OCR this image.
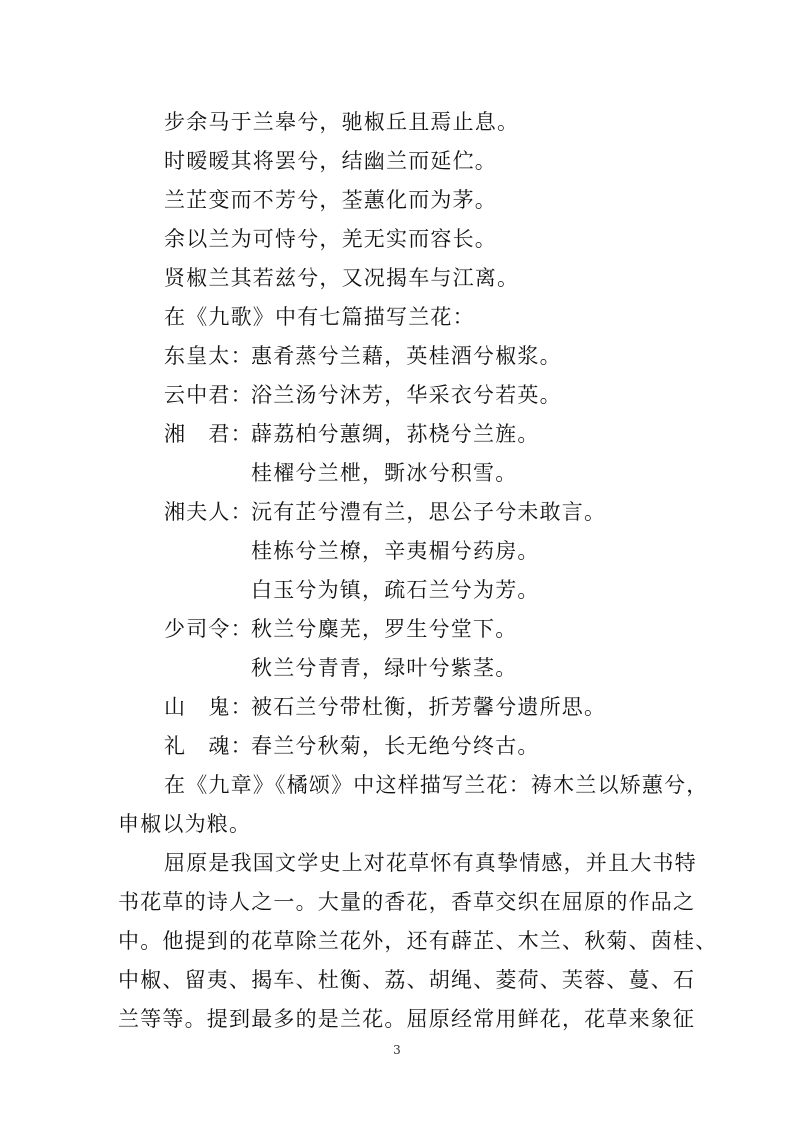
步余马于兰皋兮，驰椒丘且焉止息。
时暧暧其将罢兮，结幽兰而延伫。
兰芷变而不芳兮，荃蕙化而为茅。
余以兰为可恃兮，羌无实而容长。
贤椒兰其若兹兮，又况揭车与江离。
在《九歌》中有七篇描写兰花：
东皇太：惠肴蒸兮兰藉，英桂酒兮椒浆。
云中君：浴兰汤兮沐芳，华采衣兮若英。
湘　君：薜荔柏兮蕙绸，荪桡兮兰旌。
桂櫂兮兰枻，斲冰兮积雪。
湘夫人：沅有芷兮澧有兰，思公子兮未敢言。
桂栋兮兰橑，辛夷楣兮药房。
白玉兮为镇，疏石兰兮为芳。
少司令：秋兰兮麋芜，罗生兮堂下。
秋兰兮青青，绿叶兮紫茎。
山　鬼：被石兰兮带杜衡，折芳馨兮遗所思。
礼　魂：春兰兮秋菊，长无绝兮终古。
在《九章》《橘颂》中这样描写兰花：祷木兰以矫蕙兮，
申椒以为粮。
屈原是我国文学史上对花草怀有真挚情感，并且大书特
书花草的诗人之一。大量的香花，香草交织在屈原的作品之
中。他提到的花草除兰花外，还有薜芷、木兰、秋菊、茵桂、
中椒、留夷、揭车、杜衡、荔、胡绳、菱荷、芙蓉、蔓、石
兰等等。提到最多的是兰花。屈原经常用鲜花，花草来象征
3
